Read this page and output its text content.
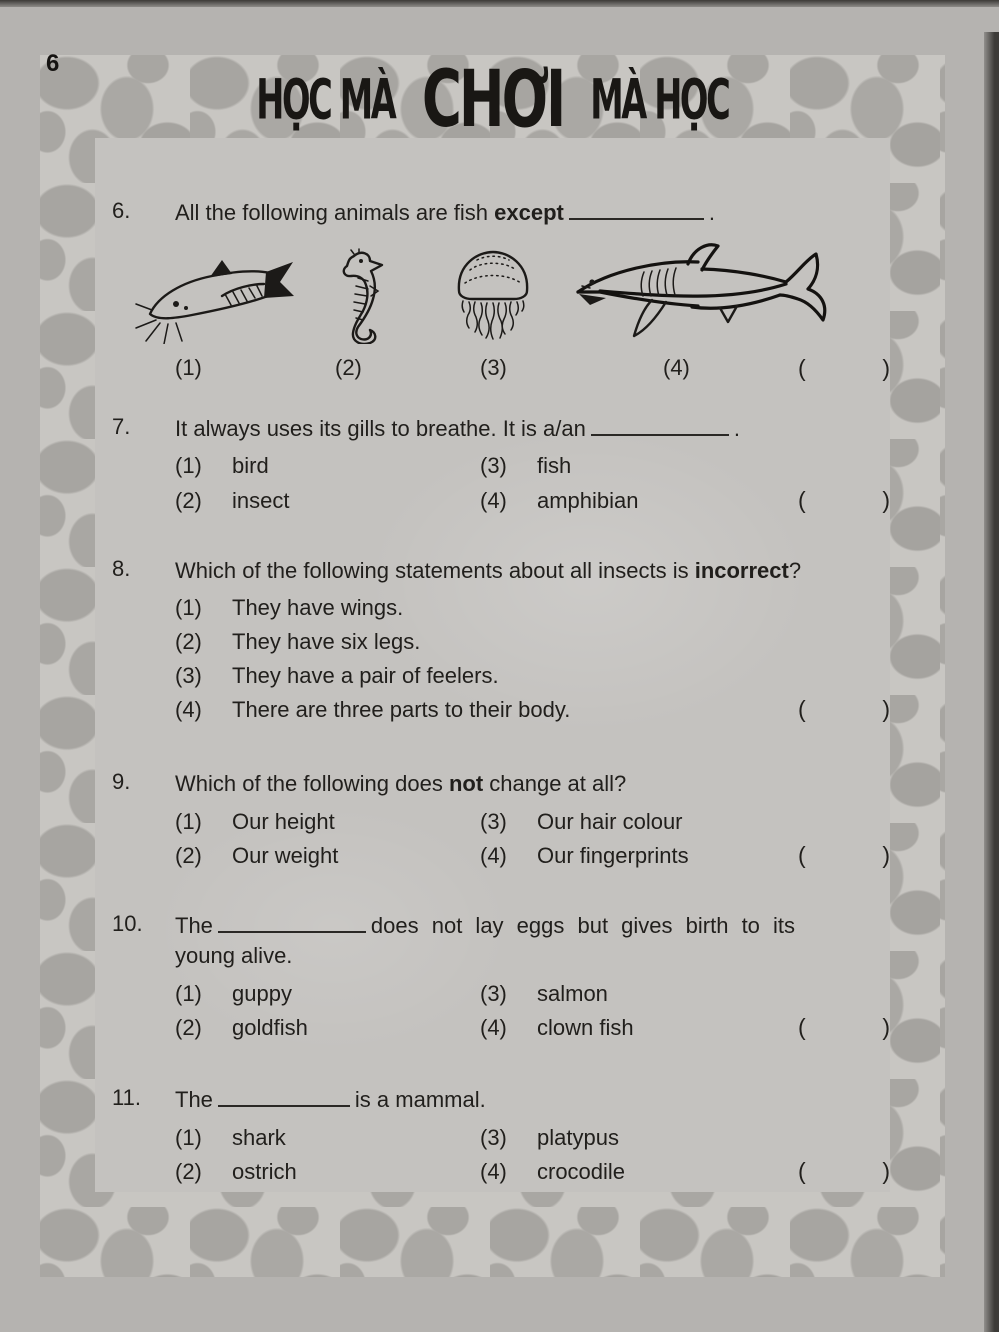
6
HỌC MÀ CHƠI MÀ HỌC
6.	All the following animals are fish except	.

(1)	(2)	(3)	(4)	(	)
7.	It always uses its gills to breathe. It is a/an	.

(1)	bird	(3)	fish
(2)	insect	(4)	amphibian	(	)
8.	Which of the following statements about all insects is incorrect?

(1)	They have wings.
(2)	They have six legs.
(3)	They have a pair of feelers.
(4)	There are three parts to their body.	(	)
9.	Which of the following does not change at all?

(1)	Our height	(3)	Our hair colour
(2)	Our weight	(4)	Our fingerprints	(	)
10.	The	does not lay eggs but gives birth to its

young alive.

(1)	guppy	(3)	salmon
(2)	goldfish	(4)	clown fish	(	)
11.	The	is a mammal.

(1)	shark	(3)	platypus
(2)	ostrich	(4)	crocodile	(	)
